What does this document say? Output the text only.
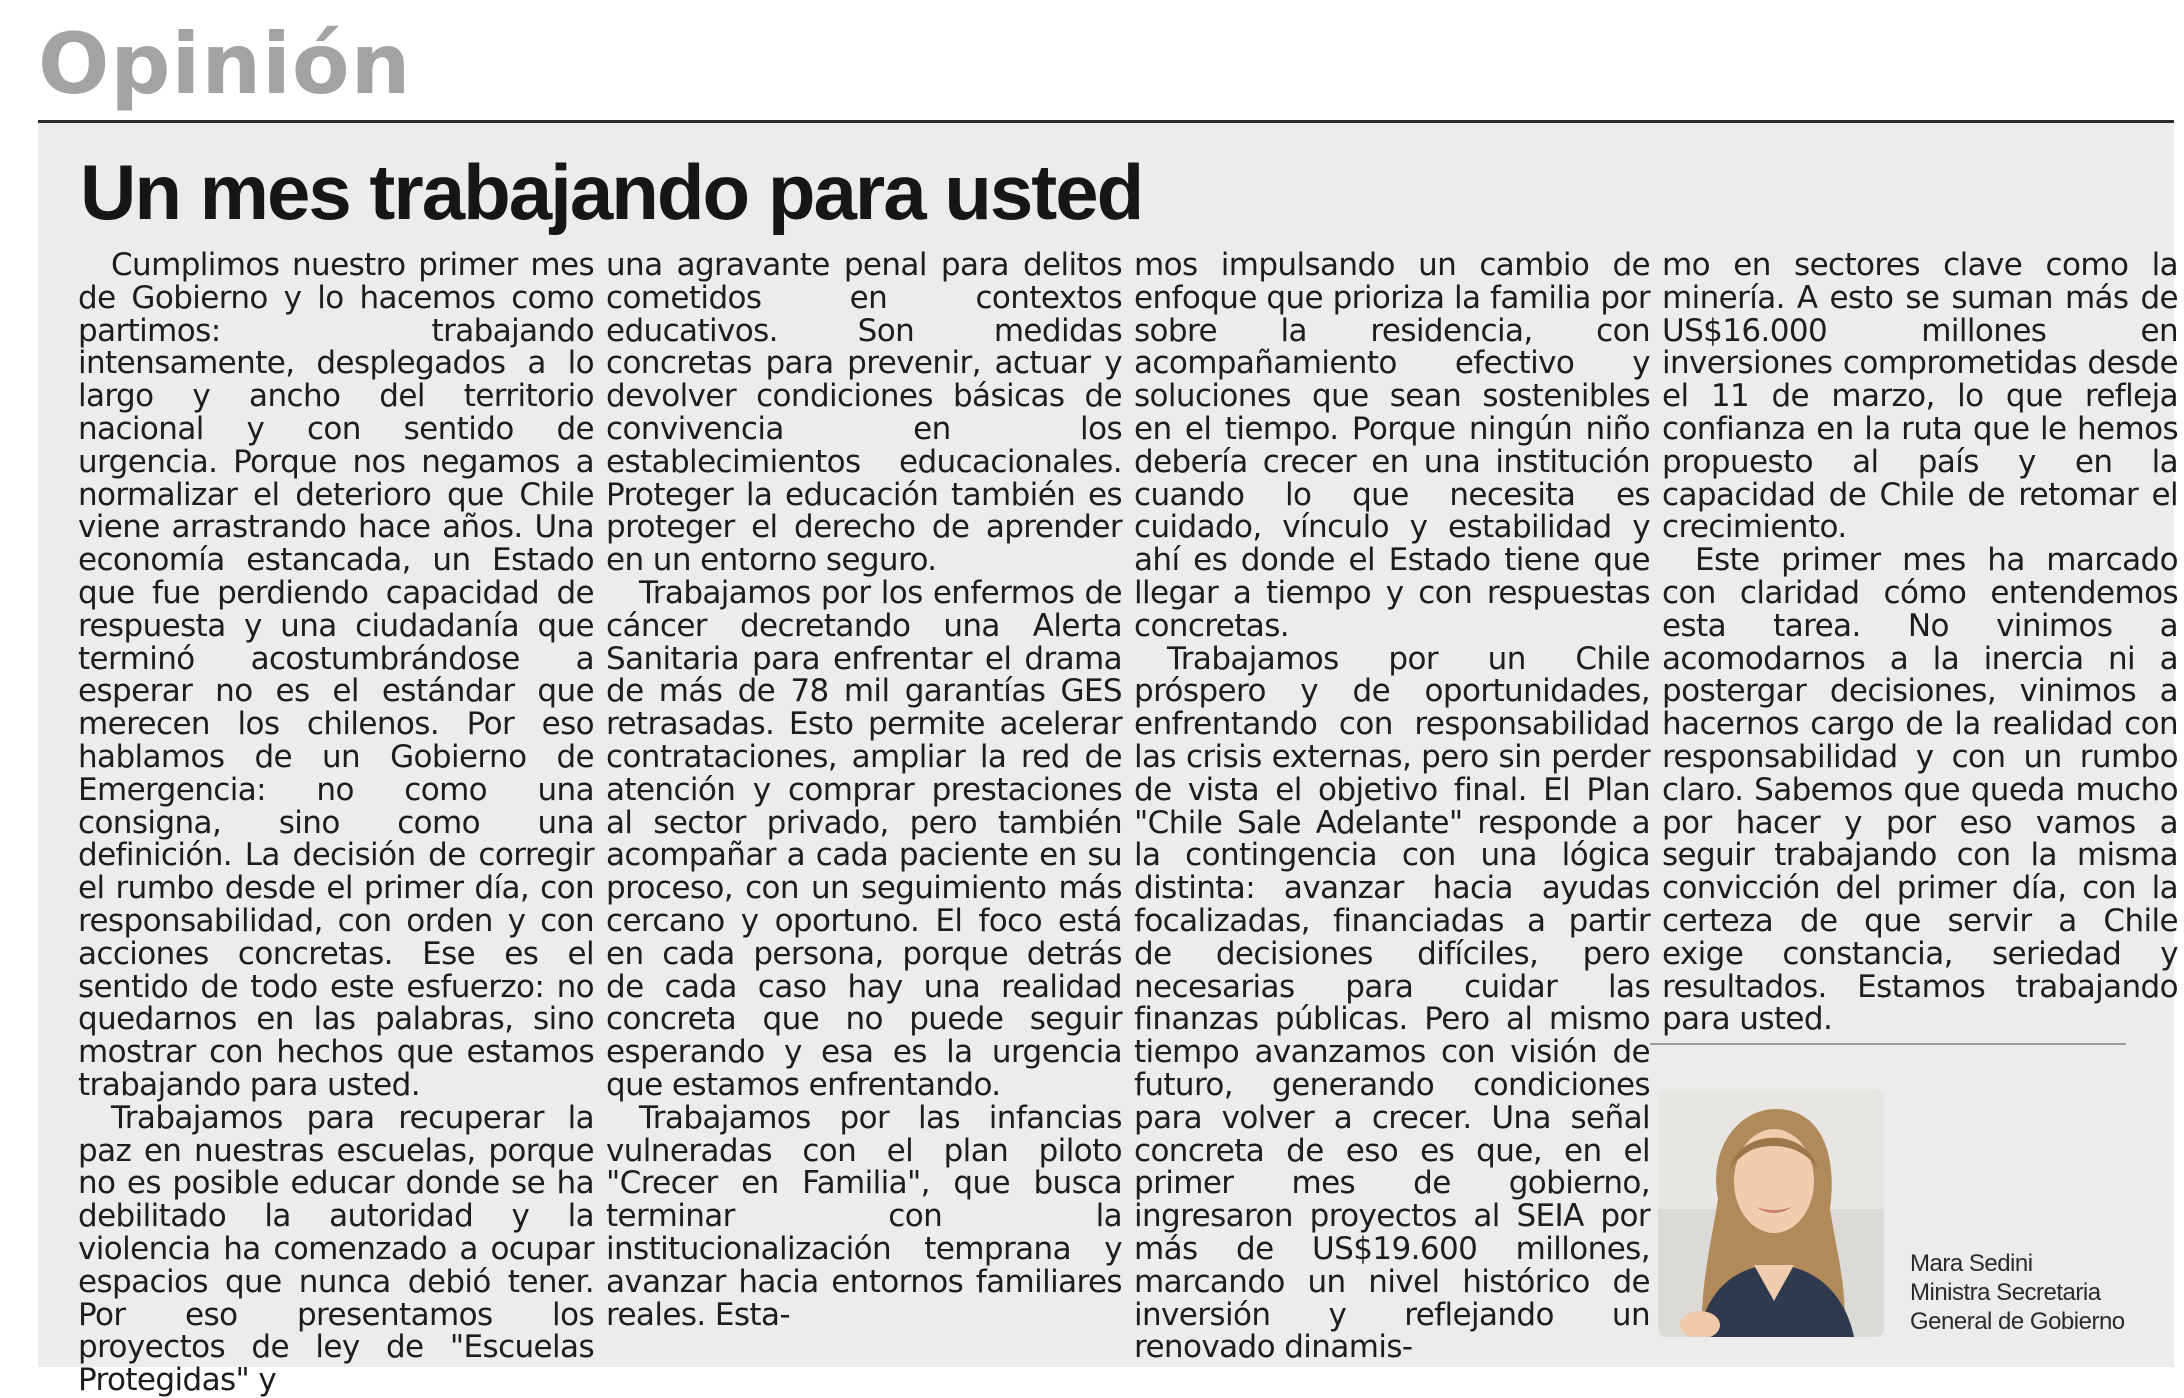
Opinión
Un mes trabajando para usted

Cumplimos nuestro primer mes de Gobierno y lo hacemos como partimos: trabajando intensamente, desplegados a lo largo y ancho del territorio nacional y con sentido de urgencia. Porque nos negamos a normalizar el deterioro que Chile viene arrastrando hace años. Una economía estancada, un Estado que fue perdiendo capacidad de respuesta y una ciudadanía que terminó acostumbrándose a esperar no es el estándar que merecen los chilenos. Por eso hablamos de un Gobierno de Emergencia: no como una consigna, sino como una definición. La decisión de corregir el rumbo desde el primer día, con responsabilidad, con orden y con acciones concretas. Ese es el sentido de todo este esfuerzo: no quedarnos en las palabras, sino mostrar con hechos que estamos trabajando para usted.

Trabajamos para recuperar la paz en nuestras escuelas, porque no es posible educar donde se ha debilitado la autoridad y la violencia ha comenzado a ocupar espacios que nunca debió tener. Por eso presentamos los proyectos de ley de "Escuelas Protegidas" y

una agravante penal para delitos cometidos en contextos educativos. Son medidas concretas para prevenir, actuar y devolver condiciones básicas de convivencia en los establecimientos educacionales. Proteger la educación también es proteger el derecho de aprender en un entorno seguro.

Trabajamos por los enfermos de cáncer decretando una Alerta Sanitaria para enfrentar el drama de más de 78 mil garantías GES retrasadas. Esto permite acelerar contrataciones, ampliar la red de atención y comprar prestaciones al sector privado, pero también acompañar a cada paciente en su proceso, con un seguimiento más cercano y oportuno. El foco está en cada persona, porque detrás de cada caso hay una realidad concreta que no puede seguir esperando y esa es la urgencia que estamos enfrentando.

Trabajamos por las infancias vulneradas con el plan piloto "Crecer en Familia", que busca terminar con la institucionalización temprana y avanzar hacia entornos familiares reales. Esta-

mos impulsando un cambio de enfoque que prioriza la familia por sobre la residencia, con acompañamiento efectivo y soluciones que sean sostenibles en el tiempo. Porque ningún niño debería crecer en una institución cuando lo que necesita es cuidado, vínculo y estabilidad y ahí es donde el Estado tiene que llegar a tiempo y con respuestas concretas.

Trabajamos por un Chile próspero y de oportunidades, enfrentando con responsabilidad las crisis externas, pero sin perder de vista el objetivo final. El Plan "Chile Sale Adelante" responde a la contingencia con una lógica distinta: avanzar hacia ayudas focalizadas, financiadas a partir de decisiones difíciles, pero necesarias para cuidar las finanzas públicas. Pero al mismo tiempo avanzamos con visión de futuro, generando condiciones para volver a crecer. Una señal concreta de eso es que, en el primer mes de gobierno, ingresaron proyectos al SEIA por más de US$19.600 millones, marcando un nivel histórico de inversión y reflejando un renovado dinamis-

mo en sectores clave como la minería. A esto se suman más de US$16.000 millones en inversiones comprometidas desde el 11 de marzo, lo que refleja confianza en la ruta que le hemos propuesto al país y en la capacidad de Chile de retomar el crecimiento.

Este primer mes ha marcado con claridad cómo entendemos esta tarea. No vinimos a acomodarnos a la inercia ni a postergar decisiones, vinimos a hacernos cargo de la realidad con responsabilidad y con un rumbo claro. Sabemos que queda mucho por hacer y por eso vamos a seguir trabajando con la misma convicción del primer día, con la certeza de que servir a Chile exige constancia, seriedad y resultados. Estamos trabajando para usted.

Mara Sedini
Ministra Secretaria
General de Gobierno
